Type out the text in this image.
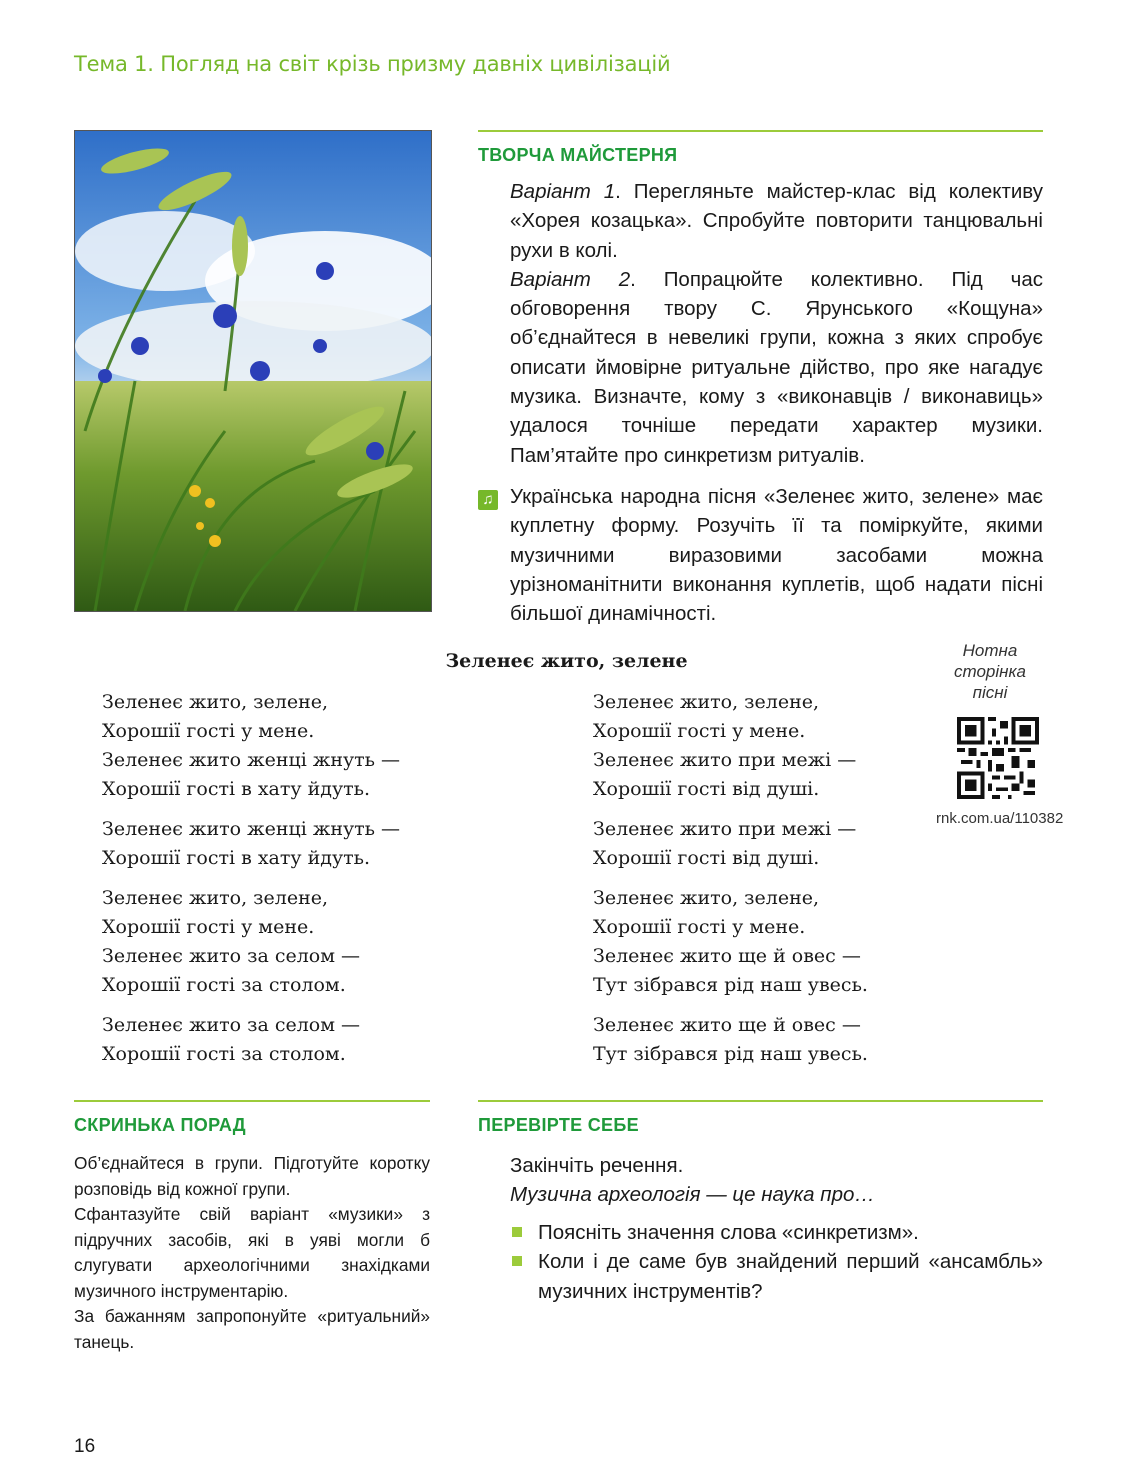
Тема 1. Погляд на світ крізь призму давніх цивілізацій
ТВОРЧА МАЙСТЕРНЯ

Варіант 1. Перегляньте майстер-клас від колективу «Хорея козацька». Спробуйте повторити танцювальні рухи в колі.

Варіант 2. Попрацюйте колективно. Під час обговорення твору С. Ярунського «Кощуна» об’єднайтеся в невеликі групи, кожна з яких спробує описати ймовірне ритуальне дійство, про яке нагадує музика. Визначте, кому з «виконавців / виконавиць» удалося точніше передати характер музики. Пам’ятайте про синкретизм ритуалів.

♫ Українська народна пісня «Зеленеє жито, зелене» має куплетну форму. Розучіть її та поміркуйте, якими музичними виразовими засобами можна урізноманітнити виконання куплетів, щоб надати пісні більшої динамічності.
Зеленеє жито, зелене
Зеленеє жито, зелене,
Хорошії гості у мене.
Зеленеє жито женці жнуть —
Хорошії гості в хату йдуть.
Зеленеє жито женці жнуть —
Хорошії гості в хату йдуть.
Зеленеє жито, зелене,
Хорошії гості у мене.
Зеленеє жито за селом —
Хорошії гості за столом.
Зеленеє жито за селом —
Хорошії гості за столом.
Зеленеє жито, зелене,
Хорошії гості у мене.
Зеленеє жито при межі —
Хорошії гості від душі.
Зеленеє жито при межі —
Хорошії гості від душі.
Зеленеє жито, зелене,
Хорошії гості у мене.
Зеленеє жито ще й овес —
Тут зібрався рід наш увесь.
Зеленеє жито ще й овес —
Тут зібрався рід наш увесь.
Нотна
сторінка
пісні
rnk.com.ua/110382
СКРИНЬКА ПОРАД

Об’єднайтеся в групи. Підготуйте коротку розповідь від кожної групи.

Сфантазуйте свій варіант «музики» з підручних засобів, які в уяві могли б слугувати археологічними знахідками музичного інструментарію.

За бажанням запропонуйте «ритуальний» танець.

ПЕРЕВІРТЕ СЕБЕ

Закінчіть речення.

Музична археологія — це наука про…

Поясніть значення слова «синкретизм».
Коли і де саме був знайдений перший «ансамбль» музичних інструментів?
16
